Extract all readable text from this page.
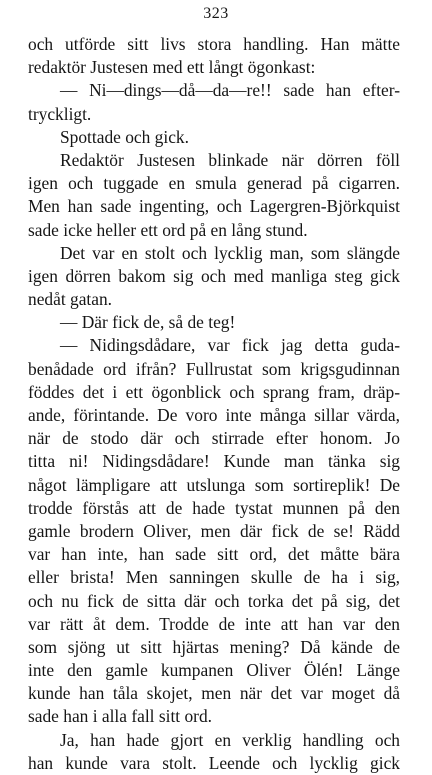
323
och utförde sitt livs stora handling. Han mätte
redaktör Justesen med ett långt ögonkast:
— Ni—dings—då—da—re!! sade han efter-
tryckligt.
Spottade och gick.
Redaktör Justesen blinkade när dörren föll
igen och tuggade en smula generad på cigarren.
Men han sade ingenting, och Lagergren-Björkquist
sade icke heller ett ord på en lång stund.
Det var en stolt och lycklig man, som slängde
igen dörren bakom sig och med manliga steg gick
nedåt gatan.
— Där fick de, så de teg!
— Nidingsdådare, var fick jag detta guda-
benådade ord ifrån? Fullrustat som krigsgudinnan
föddes det i ett ögonblick och sprang fram, dräp-
ande, förintande. De voro inte många sillar värda,
när de stodo där och stirrade efter honom. Jo
titta ni! Nidingsdådare! Kunde man tänka sig
något lämpligare att utslunga som sortireplik! De
trodde förstås att de hade tystat munnen på den
gamle brodern Oliver, men där fick de se! Rädd
var han inte, han sade sitt ord, det måtte bära
eller brista! Men sanningen skulle de ha i sig,
och nu fick de sitta där och torka det på sig, det
var rätt åt dem. Trodde de inte att han var den
som sjöng ut sitt hjärtas mening? Då kände de
inte den gamle kumpanen Oliver Ölén! Länge
kunde han tåla skojet, men när det var moget då
sade han i alla fall sitt ord.
Ja, han hade gjort en verklig handling och
han kunde vara stolt. Leende och lycklig gick
